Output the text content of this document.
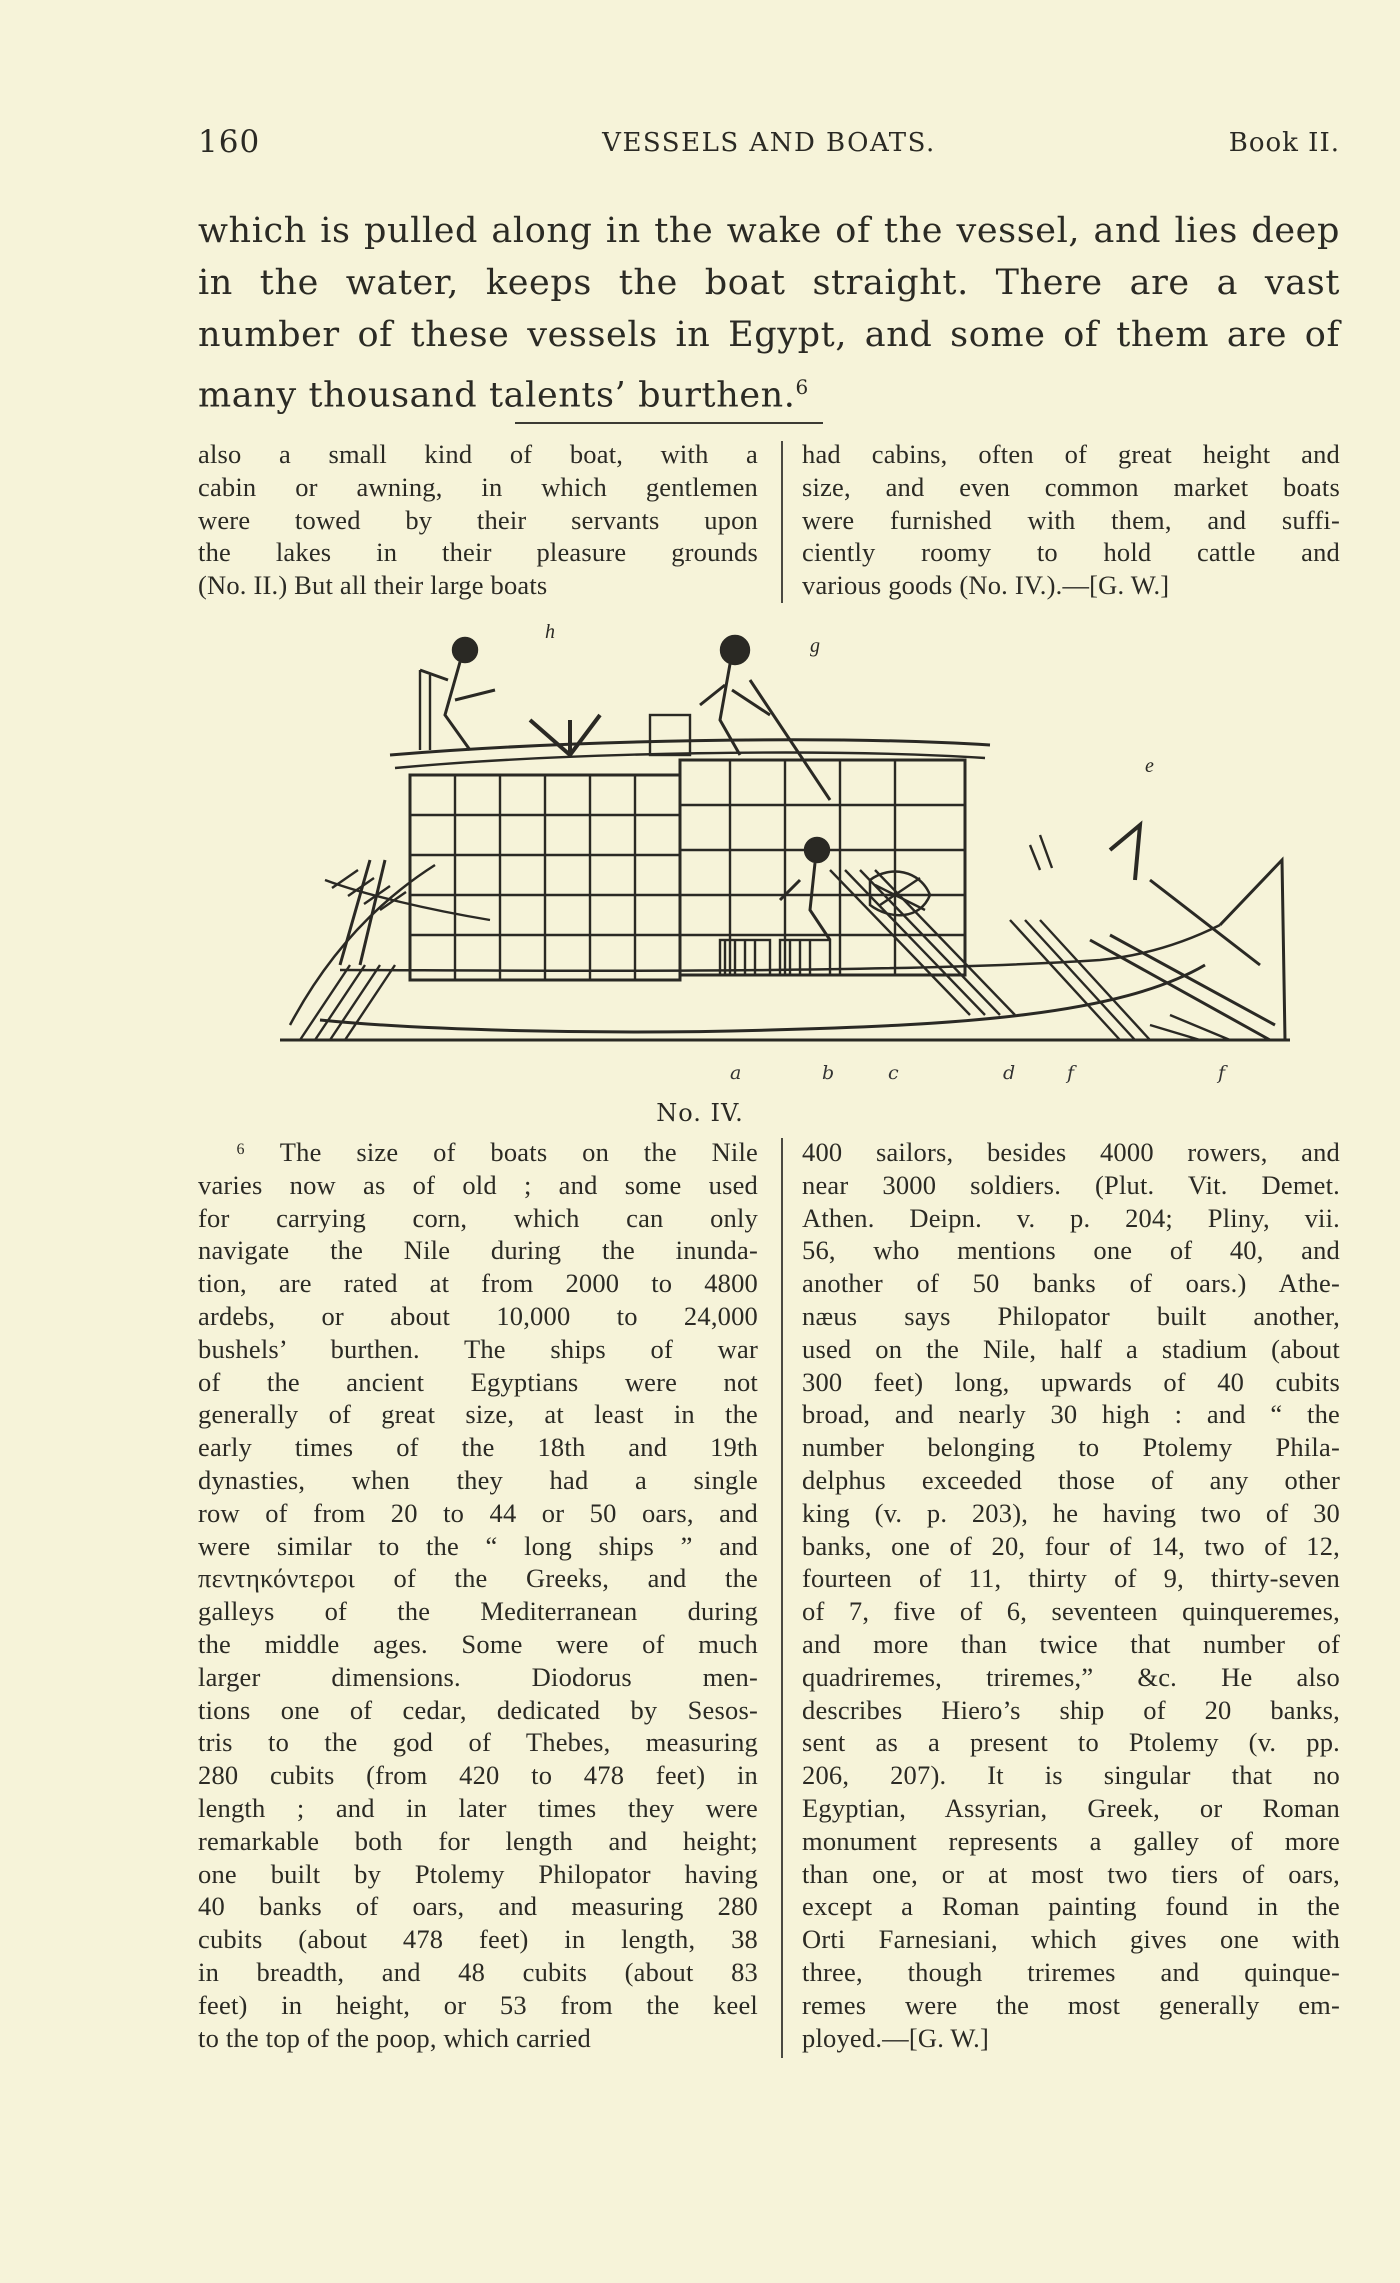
160	VESSELS AND BOATS.	Book II.
which is pulled along in the wake of the vessel, and lies deep in the water, keeps the boat straight. There are a vast number of these vessels in Egypt, and some of them are of many thousand talents’ burthen.$^6$
also a small kind of boat, with a
cabin or awning, in which gentlemen
were towed by their servants upon
the lakes in their pleasure grounds
(No. II.) But all their large boats
had cabins, often of great height and
size, and even common market boats
were furnished with them, and suffi-
ciently roomy to hold cattle and
various goods (No. IV.).—[G. W.]
h
g
e
a	b	c	d	f	f
No. IV.
⁶ The size of boats on the Nile
varies now as of old ; and some used
for carrying corn, which can only
navigate the Nile during the inunda-
tion, are rated at from 2000 to 4800
ardebs, or about 10,000 to 24,000
bushels’ burthen. The ships of war
of the ancient Egyptians were not
generally of great size, at least in the
early times of the 18th and 19th
dynasties, when they had a single
row of from 20 to 44 or 50 oars, and
were similar to the “ long ships ” and
πεντηκόντεροι of the Greeks, and the
galleys of the Mediterranean during
the middle ages. Some were of much
larger dimensions. Diodorus men-
tions one of cedar, dedicated by Sesos-
tris to the god of Thebes, measuring
280 cubits (from 420 to 478 feet) in
length ; and in later times they were
remarkable both for length and height;
one built by Ptolemy Philopator having
40 banks of oars, and measuring 280
cubits (about 478 feet) in length, 38
in breadth, and 48 cubits (about 83
feet) in height, or 53 from the keel
to the top of the poop, which carried
400 sailors, besides 4000 rowers, and
near 3000 soldiers. (Plut. Vit. Demet.
Athen. Deipn. v. p. 204; Pliny, vii.
56, who mentions one of 40, and
another of 50 banks of oars.) Athe-
næus says Philopator built another,
used on the Nile, half a stadium (about
300 feet) long, upwards of 40 cubits
broad, and nearly 30 high : and “ the
number belonging to Ptolemy Phila-
delphus exceeded those of any other
king (v. p. 203), he having two of 30
banks, one of 20, four of 14, two of 12,
fourteen of 11, thirty of 9, thirty-seven
of 7, five of 6, seventeen quinqueremes,
and more than twice that number of
quadriremes, triremes,” &c. He also
describes Hiero’s ship of 20 banks,
sent as a present to Ptolemy (v. pp.
206, 207). It is singular that no
Egyptian, Assyrian, Greek, or Roman
monument represents a galley of more
than one, or at most two tiers of oars,
except a Roman painting found in the
Orti Farnesiani, which gives one with
three, though triremes and quinque-
remes were the most generally em-
ployed.—[G. W.]
